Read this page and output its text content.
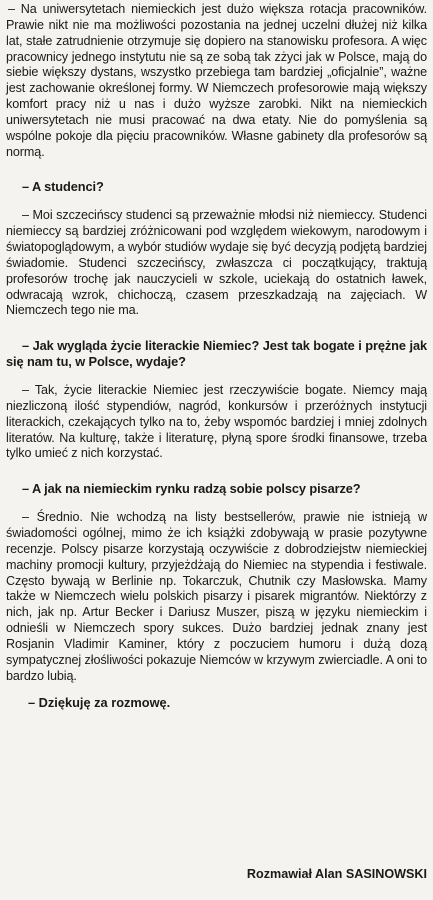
– Na uniwersytetach niemieckich jest dużo większa rotacja pracowników. Prawie nikt nie ma możliwości pozostania na jednej uczelni dłużej niż kilka lat, stałe zatrudnienie otrzymuje się dopiero na stanowisku profesora. A więc pracownicy jednego instytutu nie są ze sobą tak zżyci jak w Polsce, mają do siebie większy dystans, wszystko przebiega tam bardziej „oficjalnie”, ważne jest zachowanie określonej formy. W Niemczech profesorowie mają większy komfort pracy niż u nas i dużo wyższe zarobki. Nikt na niemieckich uniwersytetach nie musi pracować na dwa etaty. Nie do pomyślenia są wspólne pokoje dla pięciu pracowników. Własne gabinety dla profesorów są normą.

– A studenci?

– Moi szczecińscy studenci są przeważnie młodsi niż niemieccy. Studenci niemieccy są bardziej zróżnicowani pod względem wiekowym, narodowym i światopoglądowym, a wybór studiów wydaje się być decyzją podjętą bardziej świadomie. Studenci szczecińscy, zwłaszcza ci początkujący, traktują profesorów trochę jak nauczycieli w szkole, uciekają do ostatnich ławek, odwracają wzrok, chichoczą, czasem przeszkadzają na zajęciach. W Niemczech tego nie ma.

– Jak wygląda życie literackie Niemiec? Jest tak bogate i prężne jak się nam tu, w Polsce, wydaje?

– Tak, życie literackie Niemiec jest rzeczywiście bogate. Niemcy mają niezliczoną ilość stypendiów, nagród, konkursów i przeróżnych instytucji literackich, czekających tylko na to, żeby wspomóc bardziej i mniej zdolnych literatów. Na kulturę, także i literaturę, płyną spore środki finansowe, trzeba tylko umieć z nich korzystać.

– A jak na niemieckim rynku radzą sobie polscy pisarze?

– Średnio. Nie wchodzą na listy bestsellerów, prawie nie istnieją w świadomości ogólnej, mimo że ich książki zdobywają w prasie pozytywne recenzje. Polscy pisarze korzystają oczywiście z dobrodziejstw niemieckiej machiny promocji kultury, przyjeżdżają do Niemiec na stypendia i festiwale. Często bywają w Berlinie np. Tokarczuk, Chutnik czy Masłowska. Mamy także w Niemczech wielu polskich pisarzy i pisarek migrantów. Niektórzy z nich, jak np. Artur Becker i Dariusz Muszer, piszą w języku niemieckim i odnieśli w Niemczech spory sukces. Dużo bardziej jednak znany jest Rosjanin Vladimir Kaminer, który z poczuciem humoru i dużą dozą sympatycznej złośliwości pokazuje Niemców w krzywym zwierciadle. A oni to bardzo lubią.

– Dziękuję za rozmowę.
Rozmawiał Alan SASINOWSKI
